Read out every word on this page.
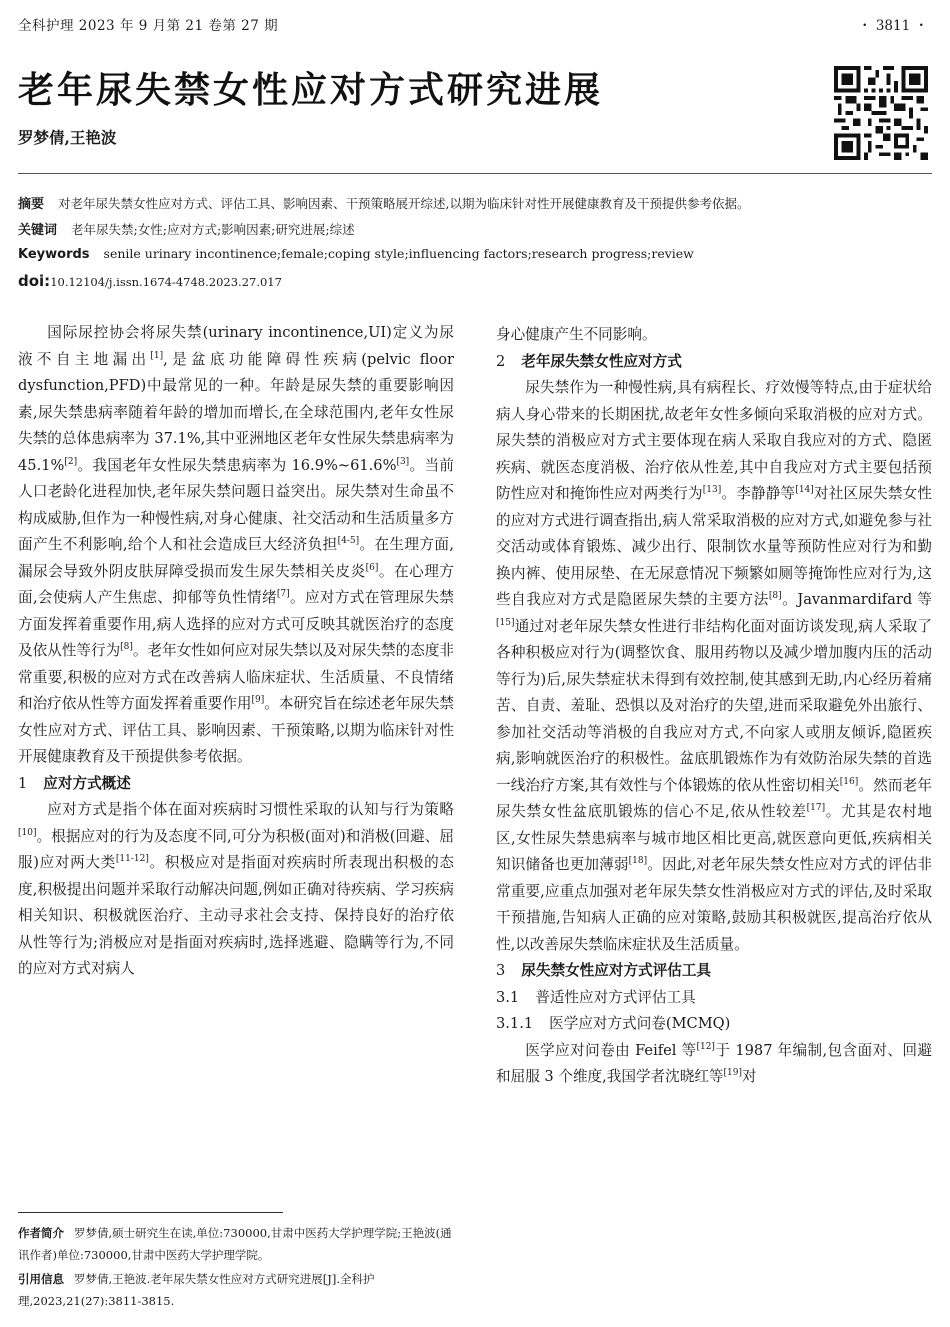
全科护理 2023 年 9 月第 21 卷第 27 期	・ 3811 ・
老年尿失禁女性应对方式研究进展
罗梦倩,王艳波
摘要 对老年尿失禁女性应对方式、评估工具、影响因素、干预策略展开综述,以期为临床针对性开展健康教育及干预提供参考依据。
关键词 老年尿失禁;女性;应对方式;影响因素;研究进展;综述
Keywords senile urinary incontinence;female;coping style;influencing factors;research progress;review
doi:10.12104/j.issn.1674-4748.2023.27.017

国际尿控协会将尿失禁(urinary incontinence,UI)定义为尿液不自主地漏出[1],是盆底功能障碍性疾病(pelvic floor dysfunction,PFD)中最常见的一种。年龄是尿失禁的重要影响因素,尿失禁患病率随着年龄的增加而增长,在全球范围内,老年女性尿失禁的总体患病率为 37.1%,其中亚洲地区老年女性尿失禁患病率为 45.1%[2]。我国老年女性尿失禁患病率为 16.9%~61.6%[3]。当前人口老龄化进程加快,老年尿失禁问题日益突出。尿失禁对生命虽不构成威胁,但作为一种慢性病,对身心健康、社交活动和生活质量多方面产生不利影响,给个人和社会造成巨大经济负担[4-5]。在生理方面,漏尿会导致外阴皮肤屏障受损而发生尿失禁相关皮炎[6]。在心理方面,会使病人产生焦虑、抑郁等负性情绪[7]。应对方式在管理尿失禁方面发挥着重要作用,病人选择的应对方式可反映其就医治疗的态度及依从性等行为[8]。老年女性如何应对尿失禁以及对尿失禁的态度非常重要,积极的应对方式在改善病人临床症状、生活质量、不良情绪和治疗依从性等方面发挥着重要作用[9]。本研究旨在综述老年尿失禁女性应对方式、评估工具、影响因素、干预策略,以期为临床针对性开展健康教育及干预提供参考依据。

1 应对方式概述

应对方式是指个体在面对疾病时习惯性采取的认知与行为策略[10]。根据应对的行为及态度不同,可分为积极(面对)和消极(回避、屈服)应对两大类[11-12]。积极应对是指面对疾病时所表现出积极的态度,积极提出问题并采取行动解决问题,例如正确对待疾病、学习疾病相关知识、积极就医治疗、主动寻求社会支持、保持良好的治疗依从性等行为;消极应对是指面对疾病时,选择逃避、隐瞒等行为,不同的应对方式对病人

身心健康产生不同影响。

2 老年尿失禁女性应对方式

尿失禁作为一种慢性病,具有病程长、疗效慢等特点,由于症状给病人身心带来的长期困扰,故老年女性多倾向采取消极的应对方式。尿失禁的消极应对方式主要体现在病人采取自我应对的方式、隐匿疾病、就医态度消极、治疗依从性差,其中自我应对方式主要包括预防性应对和掩饰性应对两类行为[13]。李静静等[14]对社区尿失禁女性的应对方式进行调查指出,病人常采取消极的应对方式,如避免参与社交活动或体育锻炼、减少出行、限制饮水量等预防性应对行为和勤换内裤、使用尿垫、在无尿意情况下频繁如厕等掩饰性应对行为,这些自我应对方式是隐匿尿失禁的主要方法[8]。Javanmardifard 等[15]通过对老年尿失禁女性进行非结构化面对面访谈发现,病人采取了各种积极应对行为(调整饮食、服用药物以及减少增加腹内压的活动等行为)后,尿失禁症状未得到有效控制,使其感到无助,内心经历着痛苦、自责、羞耻、恐惧以及对治疗的失望,进而采取避免外出旅行、参加社交活动等消极的自我应对方式,不向家人或朋友倾诉,隐匿疾病,影响就医治疗的积极性。盆底肌锻炼作为有效防治尿失禁的首选一线治疗方案,其有效性与个体锻炼的依从性密切相关[16]。然而老年尿失禁女性盆底肌锻炼的信心不足,依从性较差[17]。尤其是农村地区,女性尿失禁患病率与城市地区相比更高,就医意向更低,疾病相关知识储备也更加薄弱[18]。因此,对老年尿失禁女性应对方式的评估非常重要,应重点加强对老年尿失禁女性消极应对方式的评估,及时采取干预措施,告知病人正确的应对策略,鼓励其积极就医,提高治疗依从性,以改善尿失禁临床症状及生活质量。

3 尿失禁女性应对方式评估工具
3.1 普适性应对方式评估工具
3.1.1 医学应对方式问卷(MCMQ)

医学应对问卷由 Feifel 等[12]于 1987 年编制,包含面对、回避和屈服 3 个维度,我国学者沈晓红等[19]对

作者简介 罗梦倩,硕士研究生在读,单位:730000,甘肃中医药大学护理学院;王艳波(通讯作者)单位:730000,甘肃中医药大学护理学院。
引用信息 罗梦倩,王艳波.老年尿失禁女性应对方式研究进展[J].全科护理,2023,21(27):3811-3815.
